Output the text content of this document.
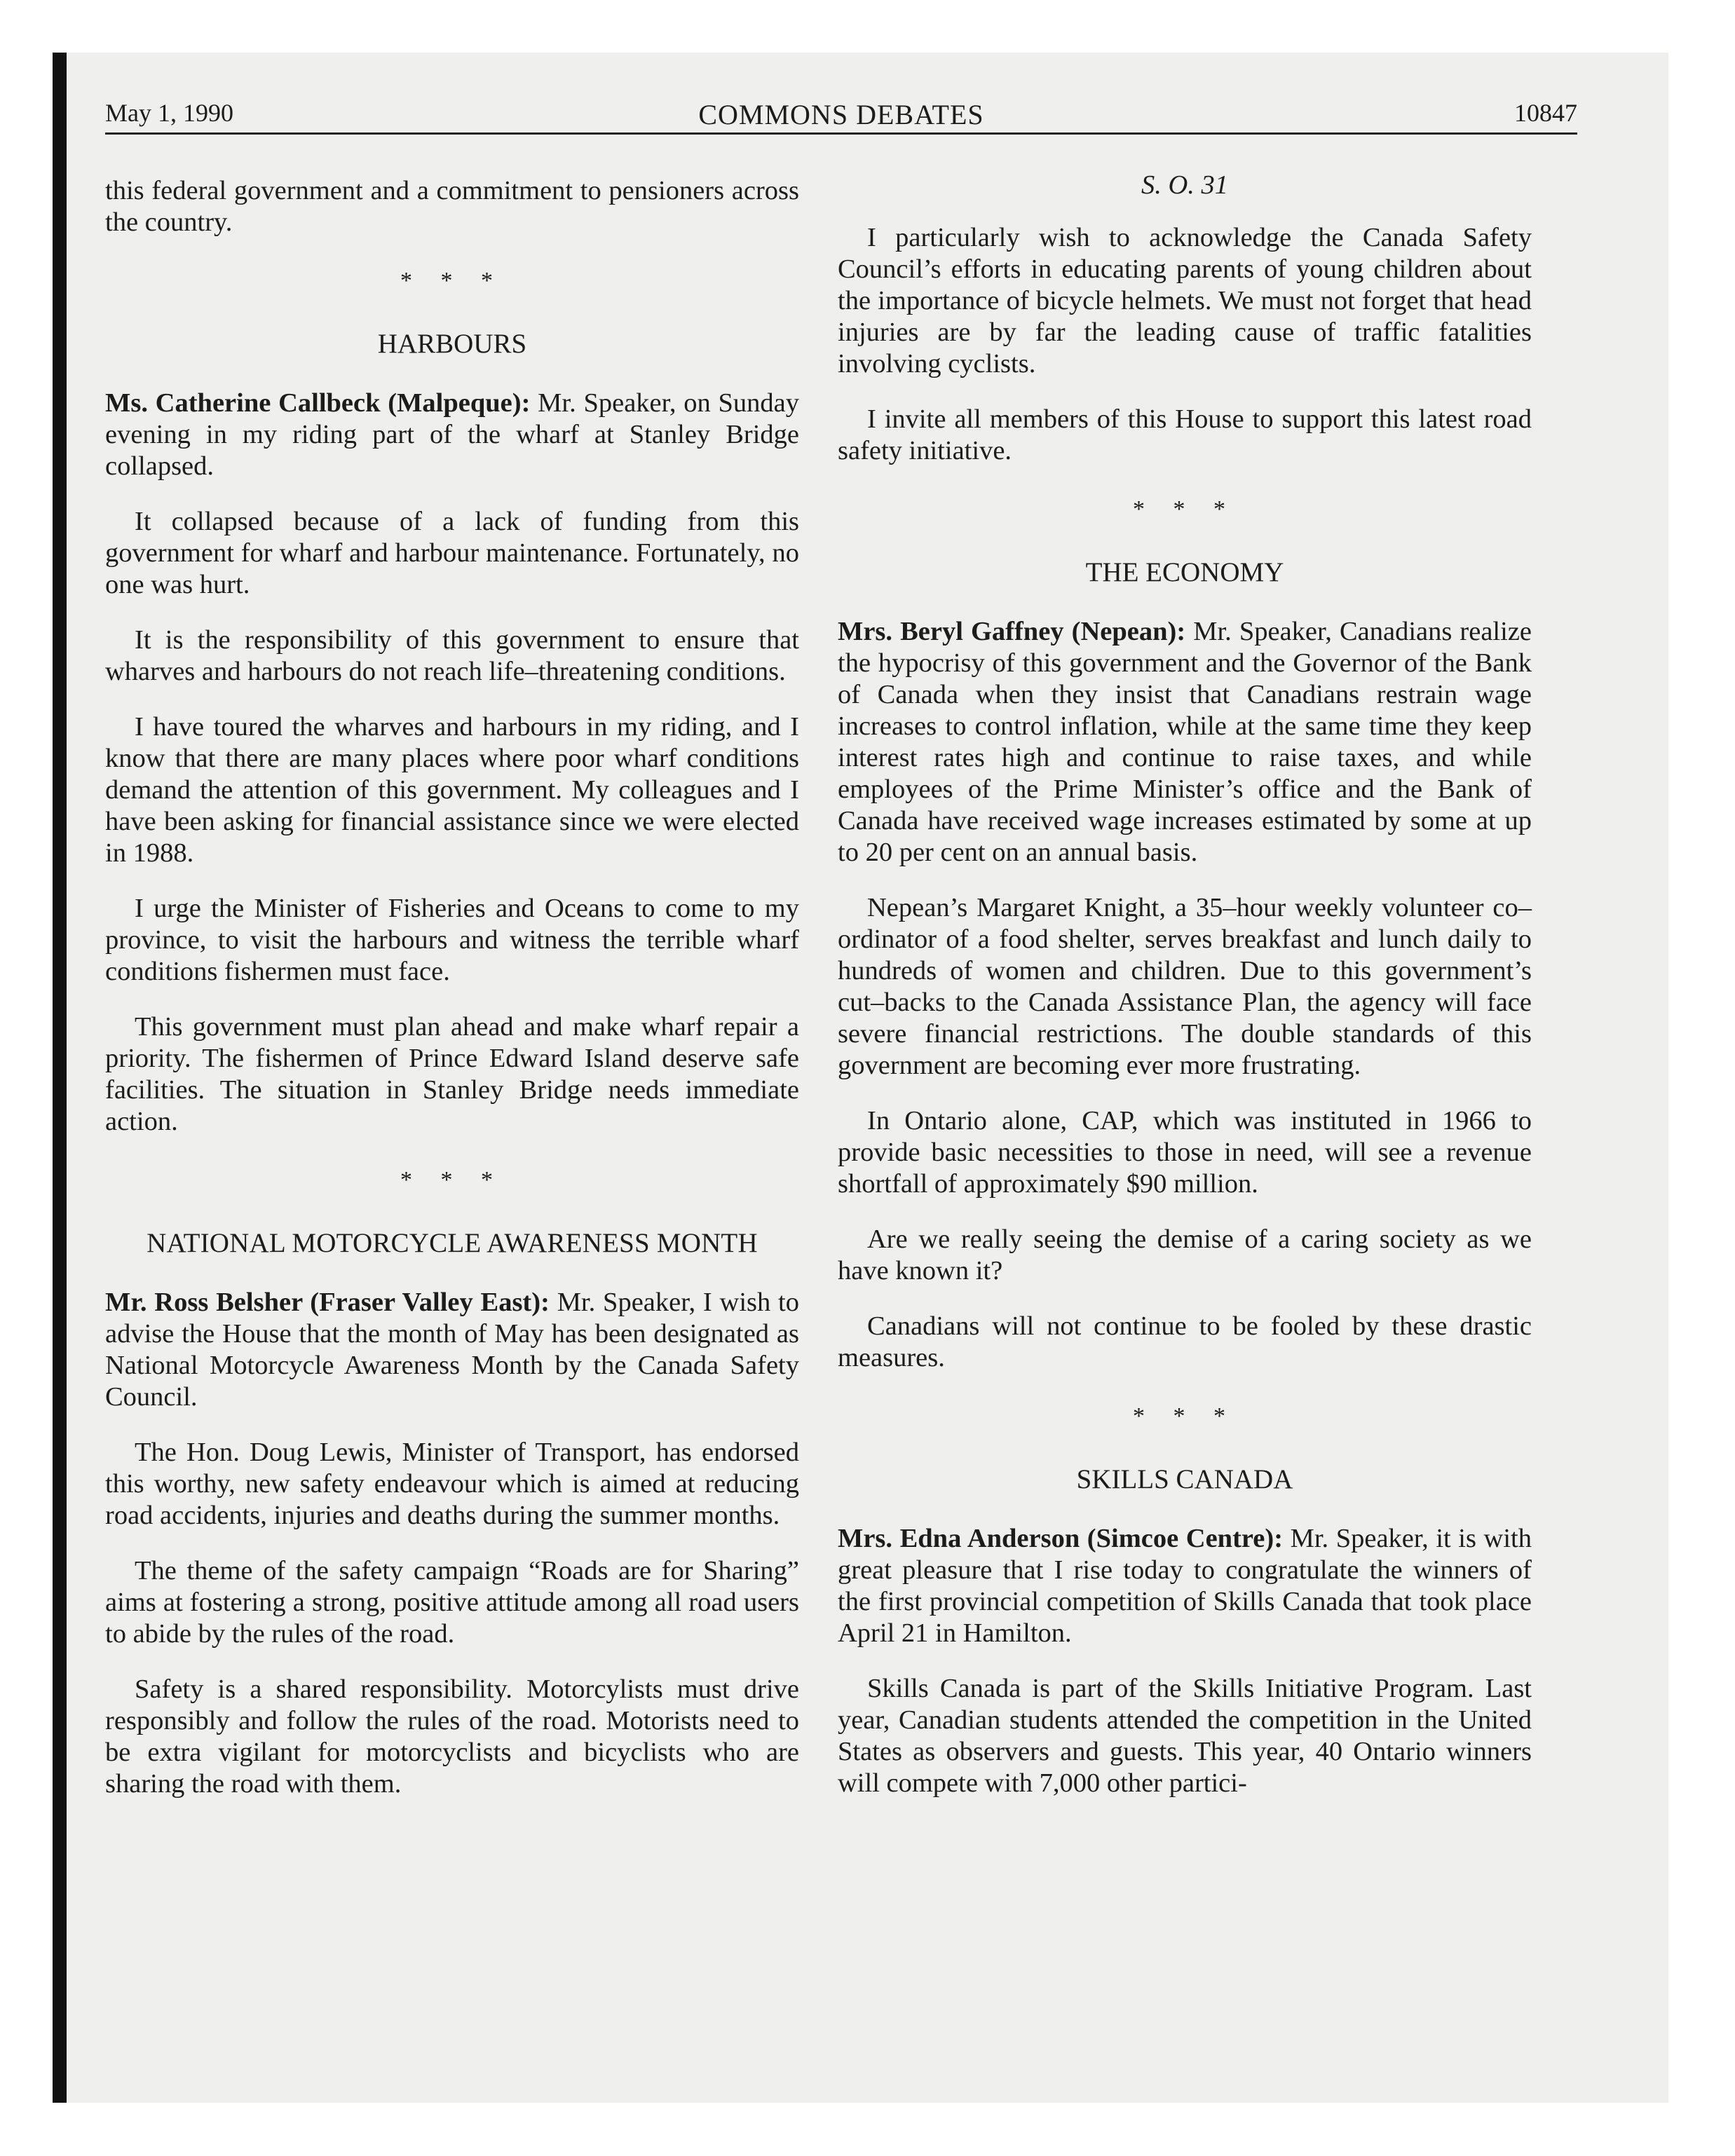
May 1, 1990	COMMONS DEBATES	10847

this federal government and a commitment to pensioners across the country.

* * *
HARBOURS

Ms. Catherine Callbeck (Malpeque): Mr. Speaker, on Sunday evening in my riding part of the wharf at Stanley Bridge collapsed.

It collapsed because of a lack of funding from this government for wharf and harbour maintenance. Fortunately, no one was hurt.

It is the responsibility of this government to ensure that wharves and harbours do not reach life–threatening conditions.

I have toured the wharves and harbours in my riding, and I know that there are many places where poor wharf conditions demand the attention of this government. My colleagues and I have been asking for financial assistance since we were elected in 1988.

I urge the Minister of Fisheries and Oceans to come to my province, to visit the harbours and witness the terrible wharf conditions fishermen must face.

This government must plan ahead and make wharf repair a priority. The fishermen of Prince Edward Island deserve safe facilities. The situation in Stanley Bridge needs immediate action.

* * *
NATIONAL MOTORCYCLE AWARENESS MONTH

Mr. Ross Belsher (Fraser Valley East): Mr. Speaker, I wish to advise the House that the month of May has been designated as National Motorcycle Awareness Month by the Canada Safety Council.

The Hon. Doug Lewis, Minister of Transport, has endorsed this worthy, new safety endeavour which is aimed at reducing road accidents, injuries and deaths during the summer months.

The theme of the safety campaign “Roads are for Sharing” aims at fostering a strong, positive attitude among all road users to abide by the rules of the road.

Safety is a shared responsibility. Motorcylists must drive responsibly and follow the rules of the road. Motorists need to be extra vigilant for motorcyclists and bicyclists who are sharing the road with them.

S. O. 31

I particularly wish to acknowledge the Canada Safety Council’s efforts in educating parents of young children about the importance of bicycle helmets. We must not forget that head injuries are by far the leading cause of traffic fatalities involving cyclists.

I invite all members of this House to support this latest road safety initiative.

* * *
THE ECONOMY

Mrs. Beryl Gaffney (Nepean): Mr. Speaker, Canadians realize the hypocrisy of this government and the Governor of the Bank of Canada when they insist that Canadians restrain wage increases to control inflation, while at the same time they keep interest rates high and continue to raise taxes, and while employees of the Prime Minister’s office and the Bank of Canada have received wage increases estimated by some at up to 20 per cent on an annual basis.

Nepean’s Margaret Knight, a 35–hour weekly volunteer co–ordinator of a food shelter, serves breakfast and lunch daily to hundreds of women and children. Due to this government’s cut–backs to the Canada Assistance Plan, the agency will face severe financial restrictions. The double standards of this government are becoming ever more frustrating.

In Ontario alone, CAP, which was instituted in 1966 to provide basic necessities to those in need, will see a revenue shortfall of approximately $90 million.

Are we really seeing the demise of a caring society as we have known it?

Canadians will not continue to be fooled by these drastic measures.

* * *
SKILLS CANADA

Mrs. Edna Anderson (Simcoe Centre): Mr. Speaker, it is with great pleasure that I rise today to congratulate the winners of the first provincial competition of Skills Canada that took place April 21 in Hamilton.

Skills Canada is part of the Skills Initiative Program. Last year, Canadian students attended the competition in the United States as observers and guests. This year, 40 Ontario winners will compete with 7,000 other partici-
